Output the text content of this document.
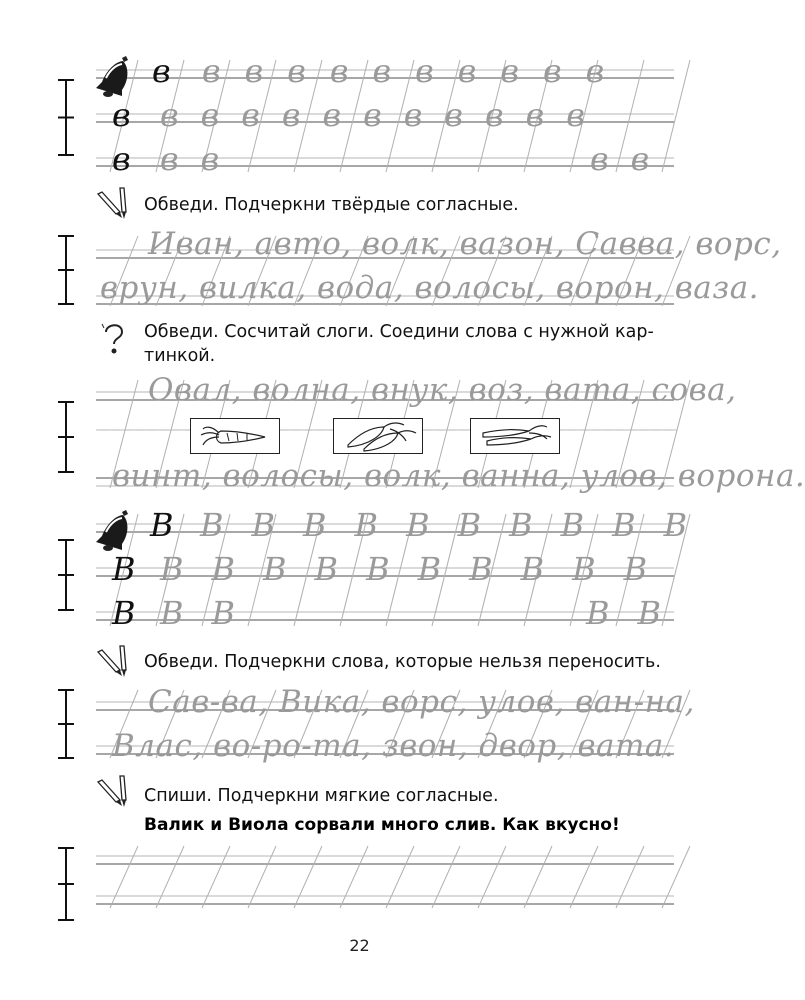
в вввввввввв
в ввввввввввв
в вв	вв
Обведи. Подчеркни твёрдые согласные.
Иван, авто, волк, вазон, Савва, ворс,
врун, вилка, вода, волосы, ворон, ваза.
Обведи. Сосчитай слоги. Соедини слова с нужной кар-
тинкой.
Овал, волна, внук, воз, вата, сова,
винт, волосы, волк, ванна, улов, ворона.
В ВВВВВВВВВВ
В ВВВВВВВВВВ
В ВВ	ВВ
Обведи. Подчеркни слова, которые нельзя переносить.
Сав-ва, Вика, ворс, улов, ван-на,
Влас, во-ро-та, звон, двор, вата.
Спиши. Подчеркни мягкие согласные.
Валик и Виола сорвали много слив. Как вкусно!
22
